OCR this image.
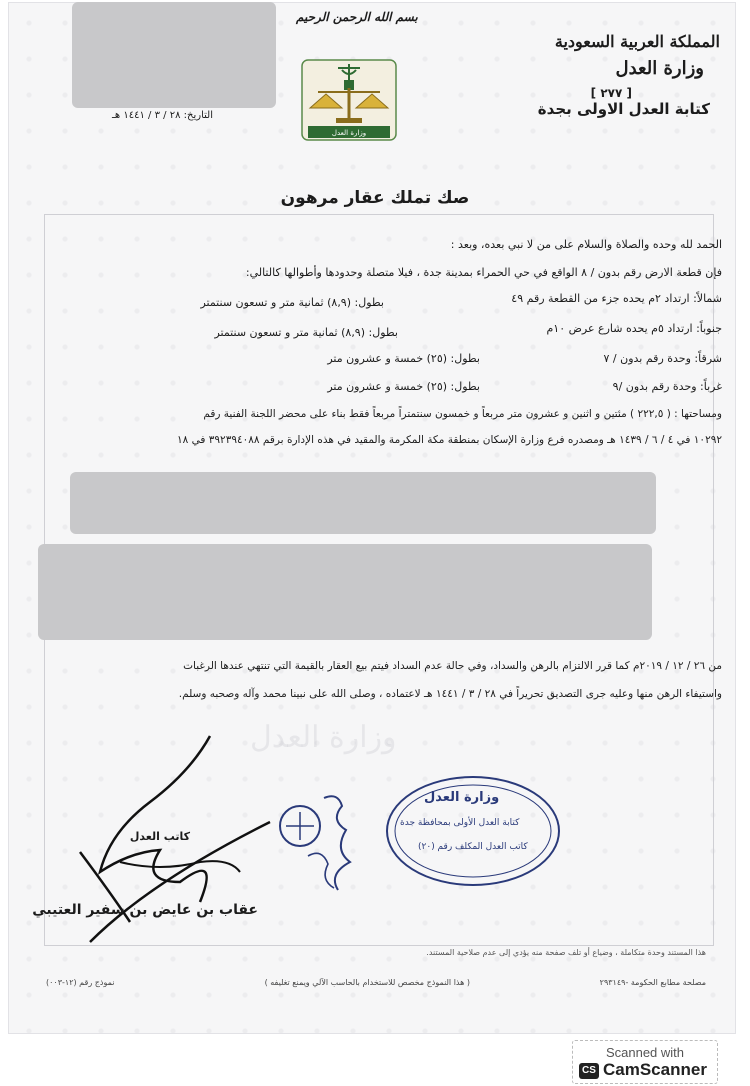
بسم الله الرحمن الرحيم
المملكة العربية السعودية
وزارة العدل
[ ٢٧٧ ]
كتابة العدل الاولى بجدة
التاريخ: ٢٨ / ٣ / ١٤٤١ هـ
وزارة العدل
صك تملك عقار مرهون
الحمد لله وحده والصلاة والسلام على من لا نبي بعده، وبعد :
فإن قطعة الارض رقم بدون / ٨ الواقع في حي الحمراء بمدينة جدة ، فيلا متصلة وحدودها وأطوالها كالتالي:
شمالاً: ارتداد ٢م يحده جزء من القطعة رقم ٤٩
بطول: (٨,٩) ثمانية متر و تسعون سنتمتر
جنوباً: ارتداد ٥م يحده شارع عرض ١٠م
بطول: (٨,٩) ثمانية متر و تسعون سنتمتر
شرقاً: وحدة رقم بدون / ٧
بطول: (٢٥) خمسة و عشرون متر
غرباً: وحدة رقم بدون /٩
بطول: (٢٥) خمسة و عشرون متر
ومساحتها : ( ٢٢٢,٥ ) مئتين و اثنين و عشرون متر مربعاً و خمسون سنتمتراً مربعاً فقط بناء على محضر اللجنة الفنية رقم
١٠٢٩٢ في ٤ / ٦ / ١٤٣٩ هـ ومصدره فرع وزارة الإسكان بمنطقة مكة المكرمة والمقيد في هذه الإدارة برقم ٣٩٢٣٩٤٠٨٨ في ١٨
من ٢٦ / ١٢ / ٢٠١٩م كما قرر الالتزام بالرهن والسداد، وفي حالة عدم السداد فيتم بيع العقار بالقيمة التي تنتهي عندها الرغبات
واستيفاء الرهن منها وعليه جرى التصديق تحريراً في ٢٨ / ٣ / ١٤٤١ هـ لاعتماده ، وصلى الله على نبينا محمد وآله وصحبه وسلم.
وزارة العدل
وزارة العدل
كتابة العدل الأولى بمحافظة جدة
كاتب العدل المكلف رقم (٢٠)
كاتب العدل
عقاب بن عايض بن سفير العتيبي
هذا المستند وحدة متكاملة ، وضياع أو تلف صفحة منه يؤدي إلى عدم صلاحية المستند.
مصلحة مطابع الحكومة -٢٩٣١٤٩
( هذا النموذج مخصص للاستخدام بالحاسب الآلي ويمنع تغليفه )
نموذج رقم (١٢-٠٠٣)
Scanned with
CS CamScanner
